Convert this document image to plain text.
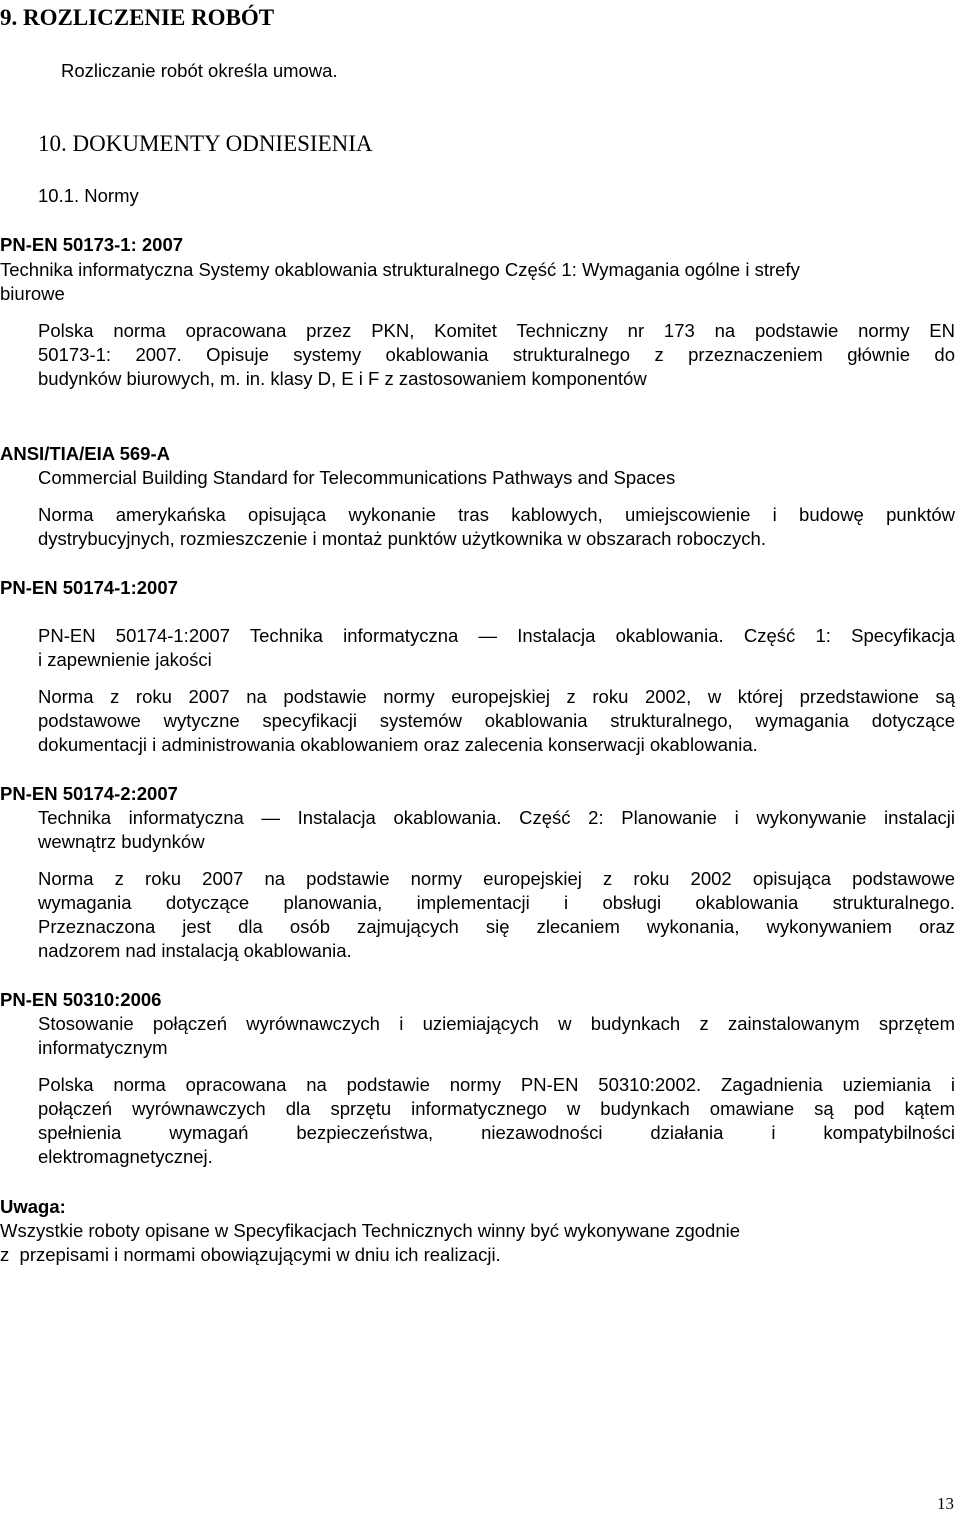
9. ROZLICZENIE ROBÓT
Rozliczanie robót określa umowa.
10. DOKUMENTY ODNIESIENIA
10.1. Normy
PN-EN 50173-1: 2007
Technika informatyczna Systemy okablowania strukturalnego Część 1: Wymagania ogólne i strefy
biurowe
Polska norma opracowana przez PKN, Komitet Techniczny nr 173 na podstawie normy EN
50173-1: 2007. Opisuje systemy okablowania strukturalnego z przeznaczeniem głównie do
budynków biurowych, m. in. klasy D, E i F z zastosowaniem komponentów
ANSI/TIA/EIA 569-A
Commercial Building Standard for Telecommunications Pathways and Spaces
Norma amerykańska opisująca wykonanie tras kablowych, umiejscowienie i budowę punktów
dystrybucyjnych, rozmieszczenie i montaż punktów użytkownika w obszarach roboczych.
PN-EN 50174-1:2007
PN-EN 50174-1:2007 Technika informatyczna — Instalacja okablowania. Część 1: Specyfikacja
i zapewnienie jakości
Norma z roku 2007 na podstawie normy europejskiej z roku 2002, w której przedstawione są
podstawowe wytyczne specyfikacji systemów okablowania strukturalnego, wymagania dotyczące
dokumentacji i administrowania okablowaniem oraz zalecenia konserwacji okablowania.
PN-EN 50174-2:2007
Technika informatyczna — Instalacja okablowania. Część 2: Planowanie i wykonywanie instalacji
wewnątrz budynków
Norma z roku 2007 na podstawie normy europejskiej z roku 2002 opisująca podstawowe
wymagania dotyczące planowania, implementacji i obsługi okablowania strukturalnego.
Przeznaczona jest dla osób zajmujących się zlecaniem wykonania, wykonywaniem oraz
nadzorem nad instalacją okablowania.
PN-EN 50310:2006
Stosowanie połączeń wyrównawczych i uziemiających w budynkach z zainstalowanym sprzętem
informatycznym
Polska norma opracowana na podstawie normy PN-EN 50310:2002. Zagadnienia uziemiania i
połączeń wyrównawczych dla sprzętu informatycznego w budynkach omawiane są pod kątem
spełnienia wymagań bezpieczeństwa, niezawodności działania i kompatybilności
elektromagnetycznej.
Uwaga:
Wszystkie roboty opisane w Specyfikacjach Technicznych winny być wykonywane zgodnie
z  przepisami i normami obowiązującymi w dniu ich realizacji.
13
